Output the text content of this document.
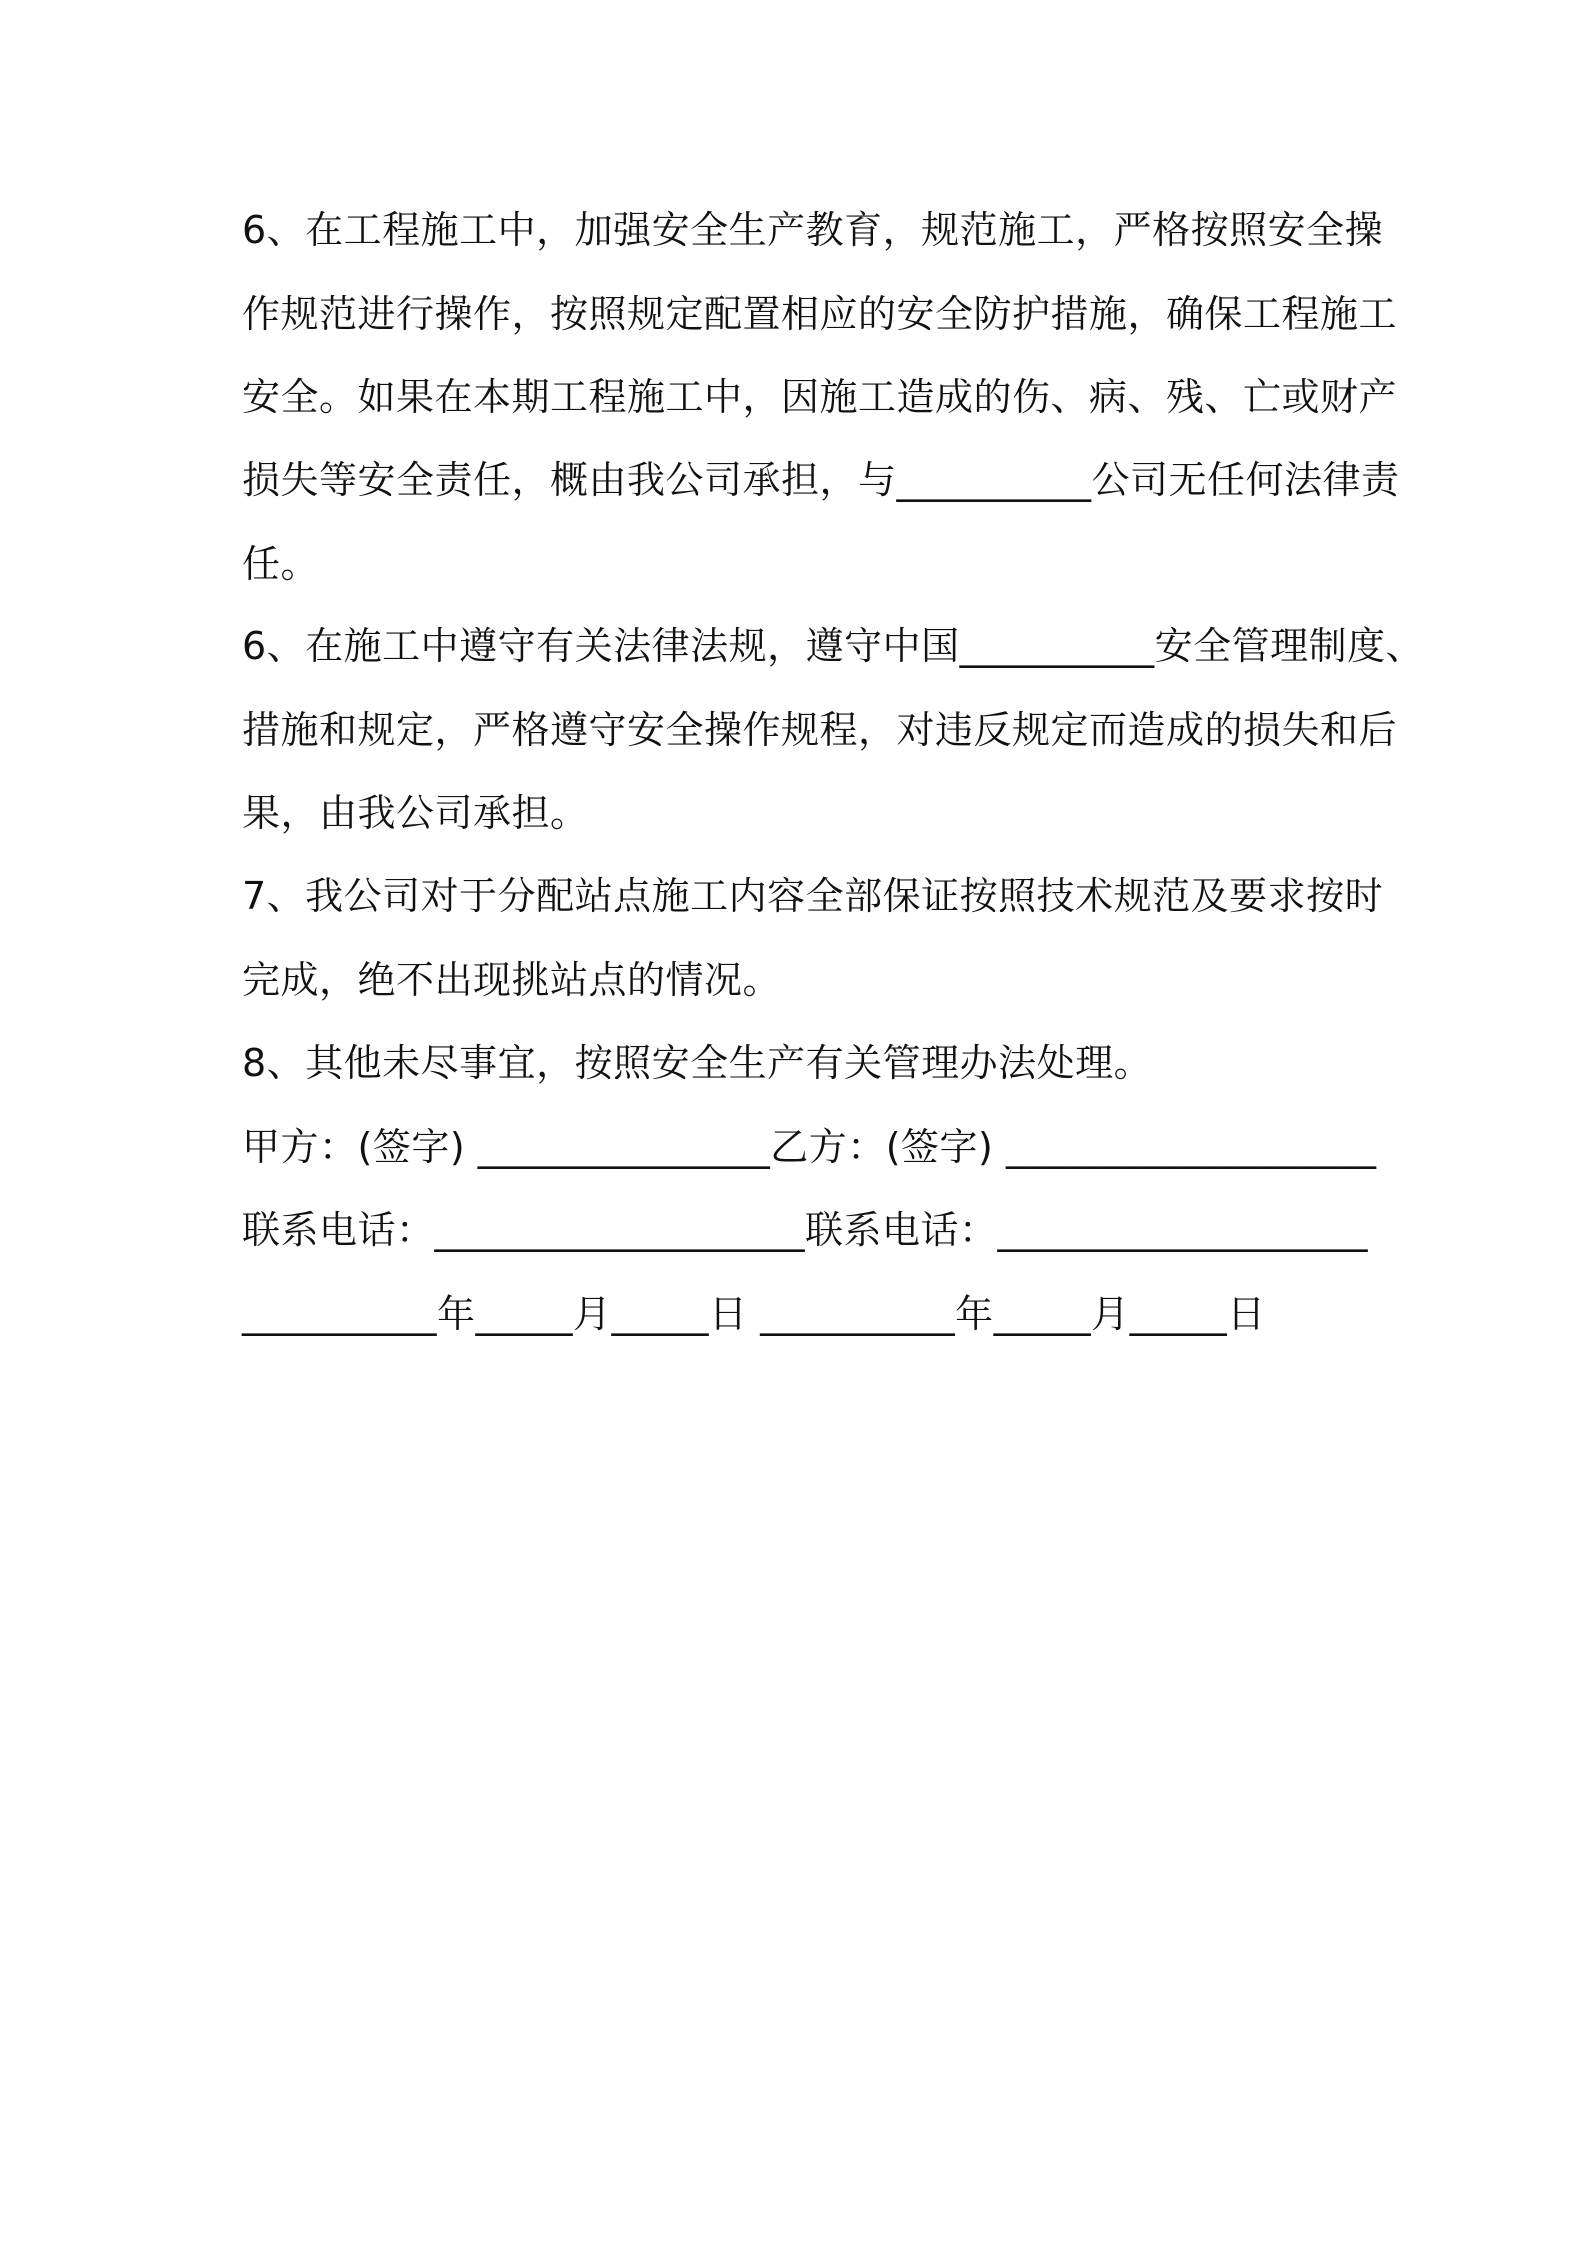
6、在工程施工中，加强安全生产教育，规范施工，严格按照安全操
作规范进行操作，按照规定配置相应的安全防护措施，确保工程施工
安全。如果在本期工程施工中，因施工造成的伤、病、残、亡或财产
损失等安全责任，概由我公司承担，与__________公司无任何法律责
任。
6、在施工中遵守有关法律法规，遵守中国__________安全管理制度、
措施和规定，严格遵守安全操作规程，对违反规定而造成的损失和后
果，由我公司承担。
7、我公司对于分配站点施工内容全部保证按照技术规范及要求按时
完成，绝不出现挑站点的情况。
8、其他未尽事宜，按照安全生产有关管理办法处理。
甲方：(签字) _______________乙方：(签字) ___________________
联系电话：___________________联系电话：___________________
__________年_____月_____日 __________年_____月_____日
